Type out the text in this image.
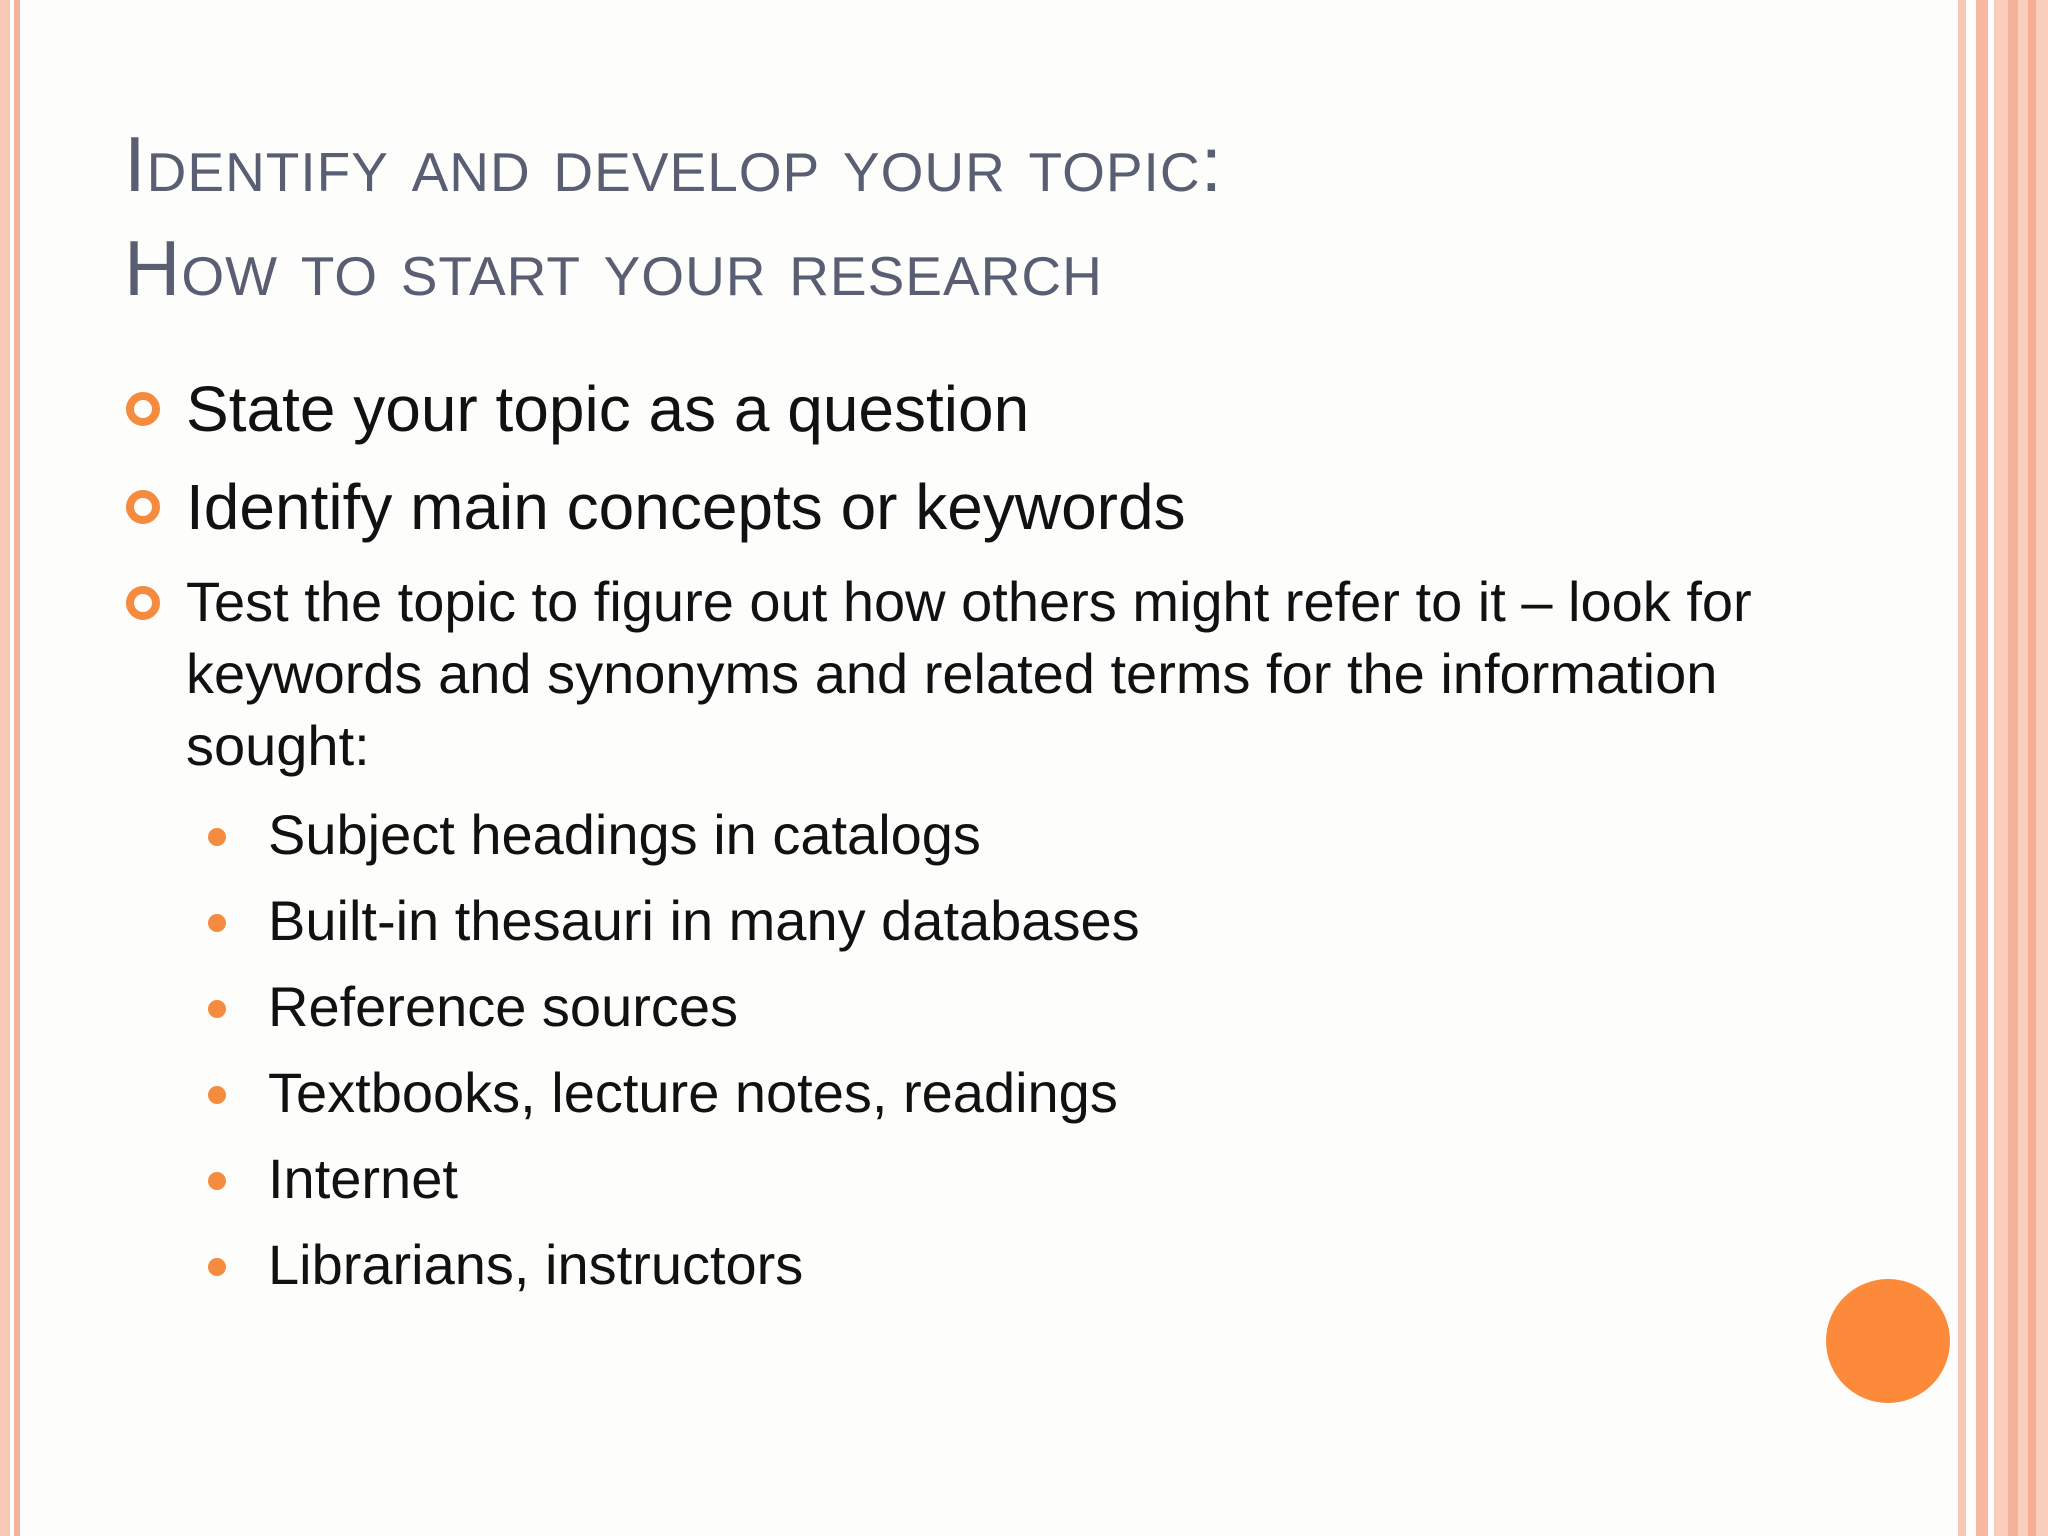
Identify and develop your topic:
How to start your research
State your topic as a question
Identify main concepts or keywords
Test the topic to figure out how others might refer to it – look for keywords and synonyms and related terms for the information sought:
Subject headings in catalogs
Built-in thesauri in many databases
Reference sources
Textbooks, lecture notes, readings
Internet
Librarians, instructors
